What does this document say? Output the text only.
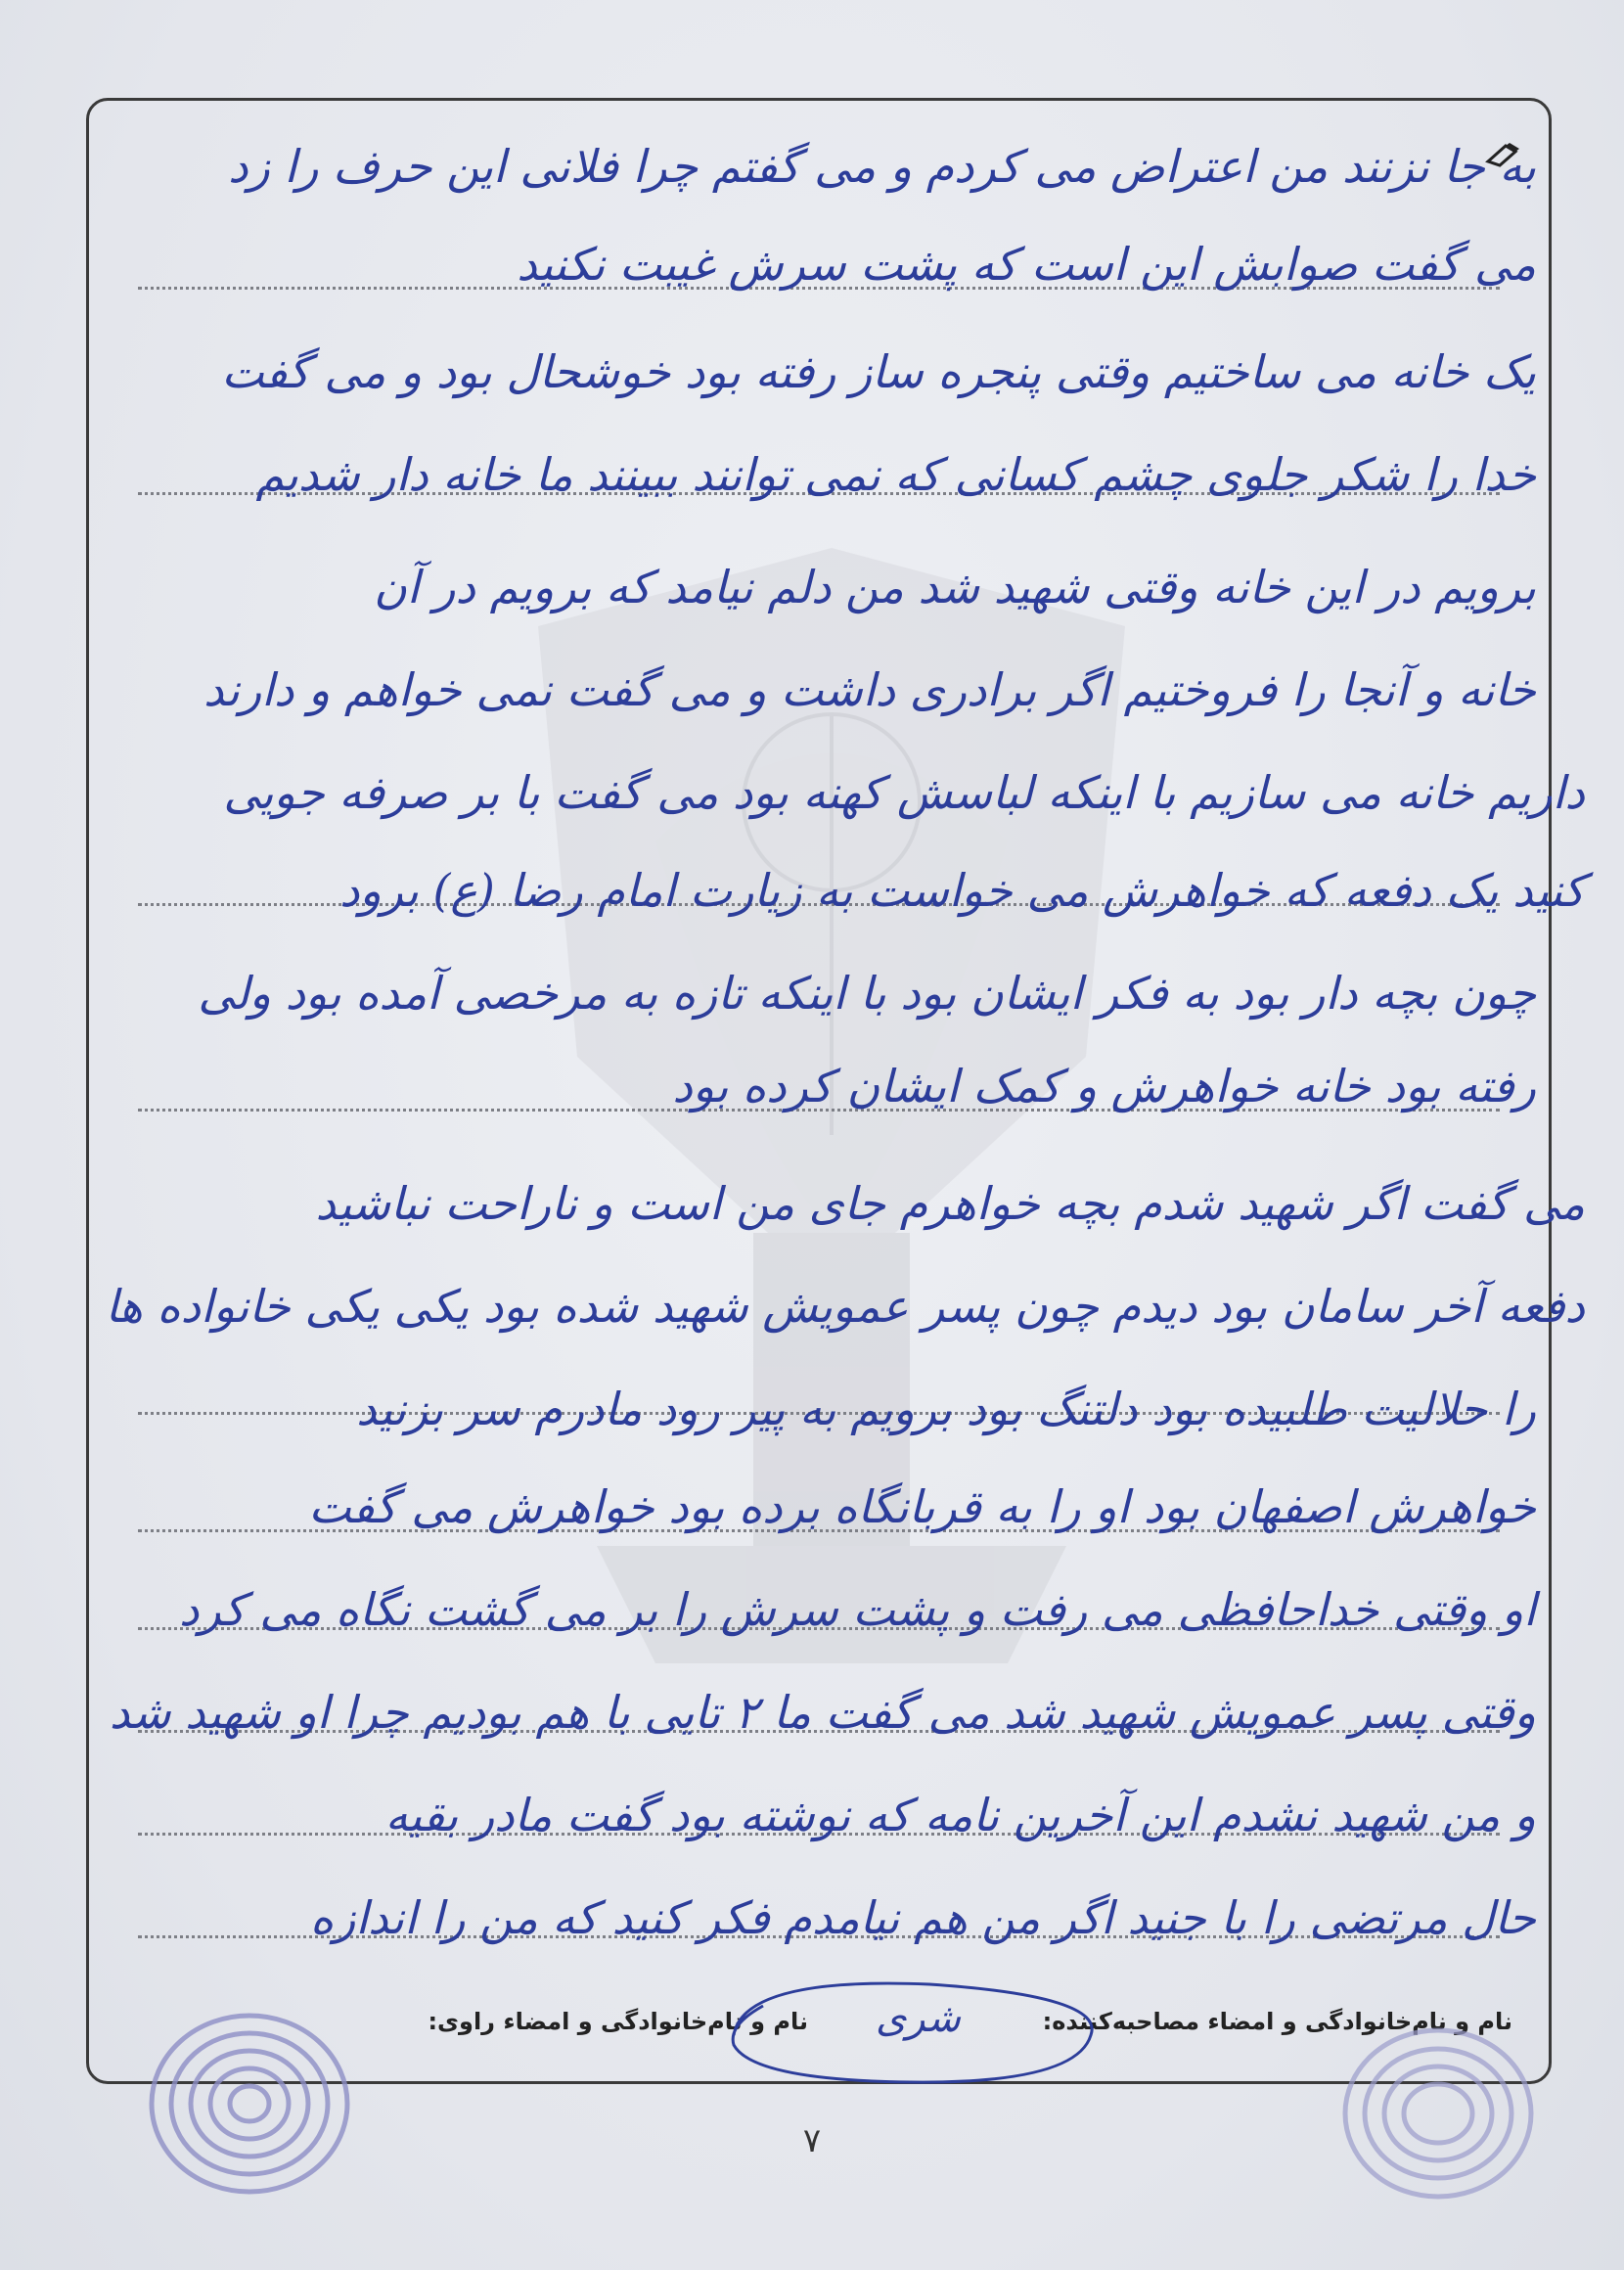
به جا نزنند من اعتراض می کردم و می گفتم چرا فلانی این حرف را زد
می گفت صوابش این است که پشت سرش غیبت نکنید
یک خانه می ساختیم وقتی پنجره ساز رفته بود خوشحال بود و می گفت
خدا را شکر جلوی چشم کسانی که نمی توانند ببینند ما خانه دار شدیم
برویم در این خانه وقتی شهید شد من دلم نیامد که برویم در آن
خانه و آنجا را فروختیم اگر برادری داشت و می گفت نمی خواهم و دارند
داریم خانه می سازیم با اینکه لباسش کهنه بود می گفت با بر صرفه جویی
کنید یک دفعه که خواهرش می خواست به زیارت امام رضا (ع) برود
چون بچه دار بود به فکر ایشان بود با اینکه تازه به مرخصی آمده بود ولی
رفته بود خانه خواهرش و کمک ایشان کرده بود
می گفت اگر شهید شدم بچه خواهرم جای من است و ناراحت نباشید
دفعه آخر سامان بود دیدم چون پسر عمویش شهید شده بود یکی یکی خانواده ها
را حلالیت طلبیده بود دلتنگ بود برویم به پیر رود مادرم سر بزنید
خواهرش اصفهان بود او را به قربانگاه برده بود خواهرش می گفت
او وقتی خداحافظی می رفت و پشت سرش را بر می گشت نگاه می کرد
وقتی پسر عمویش شهید شد می گفت ما ۲ تایی با هم بودیم چرا او شهید شد
و من شهید نشدم این آخرین نامه که نوشته بود گفت مادر بقیه
حال مرتضی را با جنید اگر من هم نیامدم فکر کنید که من را اندازه
نام و نام‌خانوادگی و امضاء مصاحبه‌کننده:
نام و نام‌خانوادگی و امضاء راوی: شری
۷
